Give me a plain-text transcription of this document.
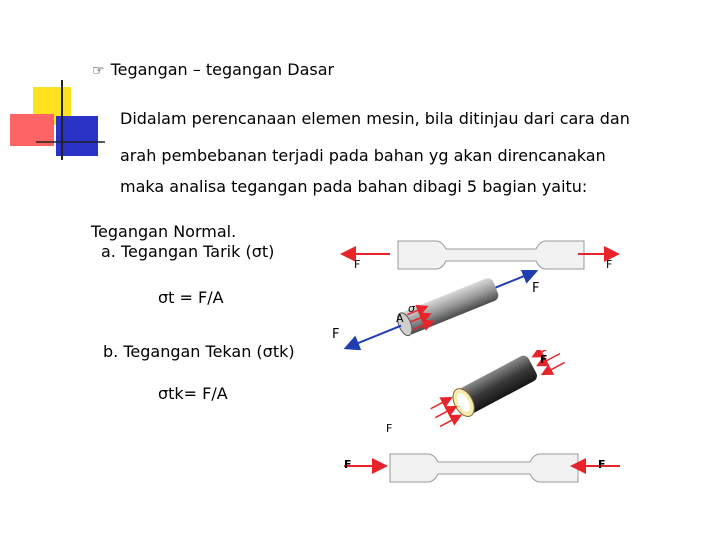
☞ Tegangan – tegangan Dasar
Didalam perencanaan elemen mesin, bila ditinjau dari cara dan
arah pembebanan terjadi pada bahan yg akan direncanakan
maka analisa tegangan pada bahan dibagi 5 bagian yaitu:
Tegangan Normal.
a. Tegangan Tarik (σt)
σt = F/A
b. Tegangan Tekan (σtk)
σtk= F/A
F	F
σ
A
F
F
F
F
F	F
